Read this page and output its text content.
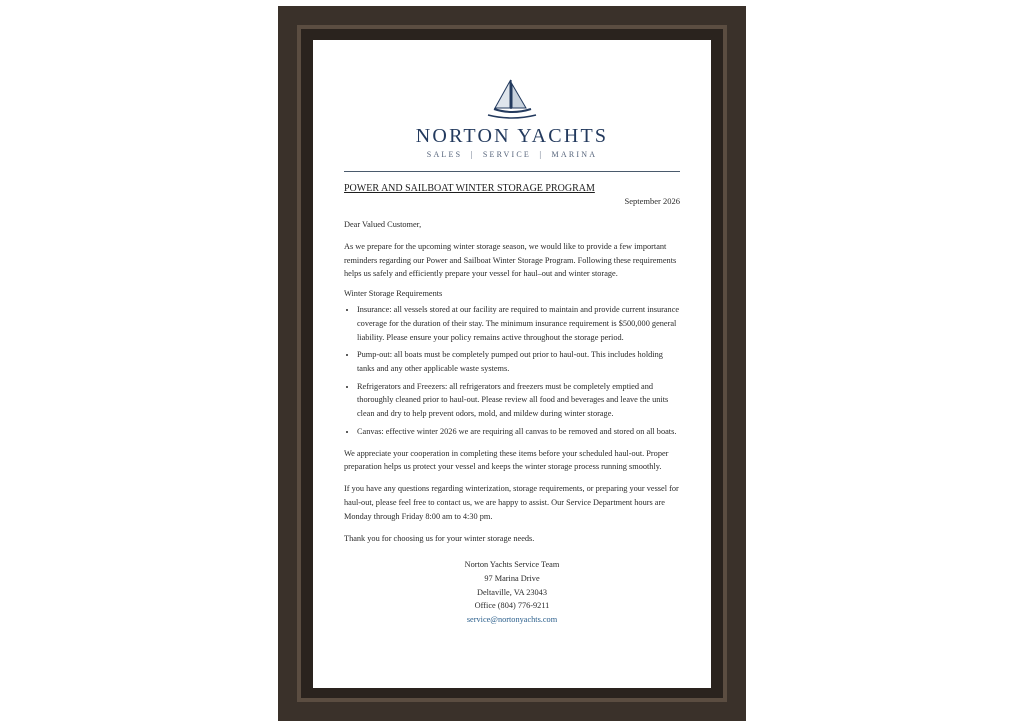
NORTON YACHTS
SALES  |  SERVICE  |  MARINA
POWER AND SAILBOAT WINTER STORAGE PROGRAM
September 2026
Dear Valued Customer,
As we prepare for the upcoming winter storage season, we would like to provide a few important reminders regarding our Power and Sailboat Winter Storage Program. Following these requirements helps us safely and efficiently prepare your vessel for haul–out and winter storage.
Winter Storage Requirements
• Insurance: all vessels stored at our facility are required to maintain and provide current insurance coverage for the duration of their stay. The minimum insurance requirement is $500,000 general liability. Please ensure your policy remains active throughout the storage period.
• Pump-out: all boats must be completely pumped out prior to haul-out. This includes holding tanks and any other applicable waste systems.
• Refrigerators and Freezers: all refrigerators and freezers must be completely emptied and thoroughly cleaned prior to haul-out. Please review all food and beverages and leave the units clean and dry to help prevent odors, mold, and mildew during winter storage.
• Canvas: effective winter 2026 we are requiring all canvas to be removed and stored on all boats.
We appreciate your cooperation in completing these items before your scheduled haul-out. Proper preparation helps us protect your vessel and keeps the winter storage process running smoothly.
If you have any questions regarding winterization, storage requirements, or preparing your vessel for haul-out, please feel free to contact us, we are happy to assist. Our Service Department hours are Monday through Friday 8:00 am to 4:30 pm.
Thank you for choosing us for your winter storage needs.
Norton Yachts Service Team
97 Marina Drive
Deltaville, VA 23043
Office (804) 776-9211
service@nortonyachts.com
